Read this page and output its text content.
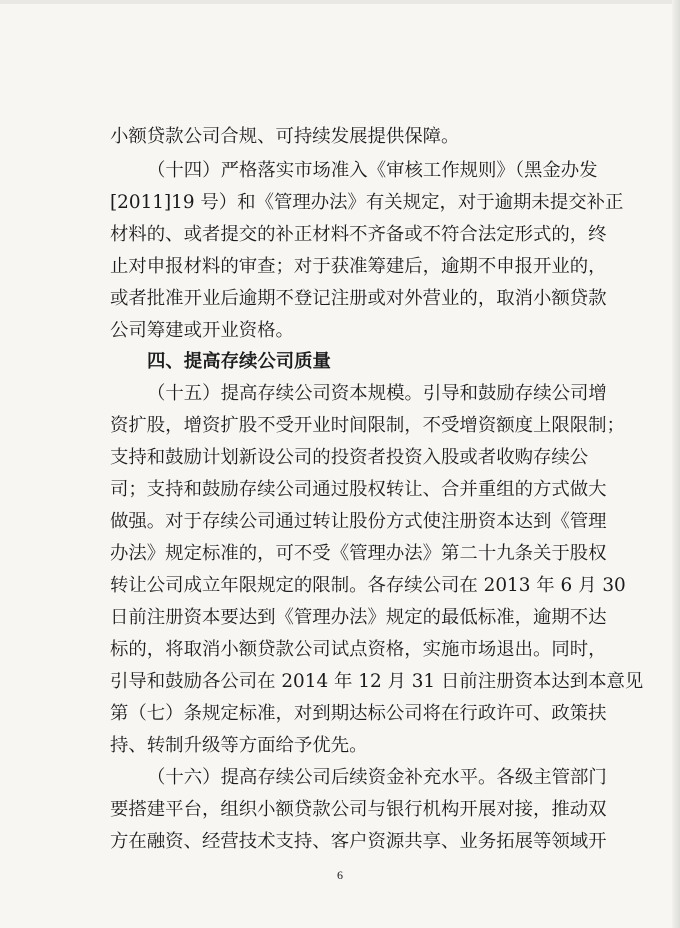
小额贷款公司合规、可持续发展提供保障。
（十四）严格落实市场准入《审核工作规则》（黑金办发
[2011]19 号）和《管理办法》有关规定，对于逾期未提交补正
材料的、或者提交的补正材料不齐备或不符合法定形式的，终
止对申报材料的审查；对于获准筹建后，逾期不申报开业的，
或者批准开业后逾期不登记注册或对外营业的，取消小额贷款
公司筹建或开业资格。
四、提高存续公司质量
（十五）提高存续公司资本规模。引导和鼓励存续公司增
资扩股，增资扩股不受开业时间限制，不受增资额度上限限制；
支持和鼓励计划新设公司的投资者投资入股或者收购存续公
司；支持和鼓励存续公司通过股权转让、合并重组的方式做大
做强。对于存续公司通过转让股份方式使注册资本达到《管理
办法》规定标准的，可不受《管理办法》第二十九条关于股权
转让公司成立年限规定的限制。各存续公司在 2013 年 6 月 30
日前注册资本要达到《管理办法》规定的最低标准，逾期不达
标的，将取消小额贷款公司试点资格，实施市场退出。同时，
引导和鼓励各公司在 2014 年 12 月 31 日前注册资本达到本意见
第（七）条规定标准，对到期达标公司将在行政许可、政策扶
持、转制升级等方面给予优先。
（十六）提高存续公司后续资金补充水平。各级主管部门
要搭建平台，组织小额贷款公司与银行机构开展对接，推动双
方在融资、经营技术支持、客户资源共享、业务拓展等领域开
6
